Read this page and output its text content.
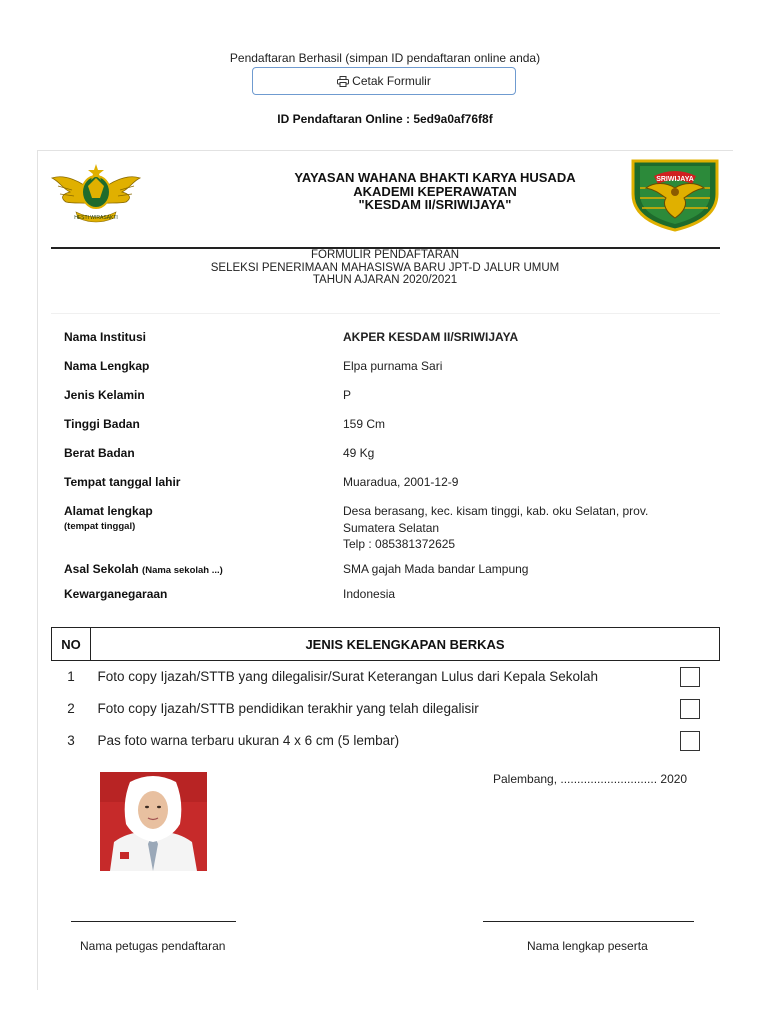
Pendaftaran Berhasil (simpan ID pendaftaran online anda)
Cetak Formulir
ID Pendaftaran Online : 5ed9a0af76f8f
HESTI WIRASAKTI
SRIWIJAYA
YAYASAN WAHANA BHAKTI KARYA HUSADA
AKADEMI KEPERAWATAN
"KESDAM II/SRIWIJAYA"
FORMULIR PENDAFTARAN
SELEKSI PENERIMAAN MAHASISWA BARU JPT-D JALUR UMUM
TAHUN AJARAN 2020/2021
Nama Institusi	AKPER KESDAM II/SRIWIJAYA
Nama Lengkap	Elpa purnama Sari
Jenis Kelamin	P
Tinggi Badan	159 Cm
Berat Badan	49 Kg
Tempat tanggal lahir	Muaradua, 2001-12-9
Alamat lengkap
(tempat tinggal)
Desa berasang, kec. kisam tinggi, kab. oku Selatan, prov.
Sumatera Selatan
Telp : 085381372625
Asal Sekolah (Nama sekolah ...)	SMA gajah Mada bandar Lampung
Kewarganegaraan	Indonesia
NO	JENIS KELENGKAPAN BERKAS	
1	Foto copy Ijazah/STTB yang dilegalisir/Surat Keterangan Lulus dari Kepala Sekolah	

2	Foto copy Ijazah/STTB pendidikan terakhir yang telah dilegalisir	

3	Pas foto warna terbaru ukuran 4 x 6 cm (5 lembar)	
Palembang, ............................. 2020
Nama petugas pendaftaran	Nama lengkap peserta
